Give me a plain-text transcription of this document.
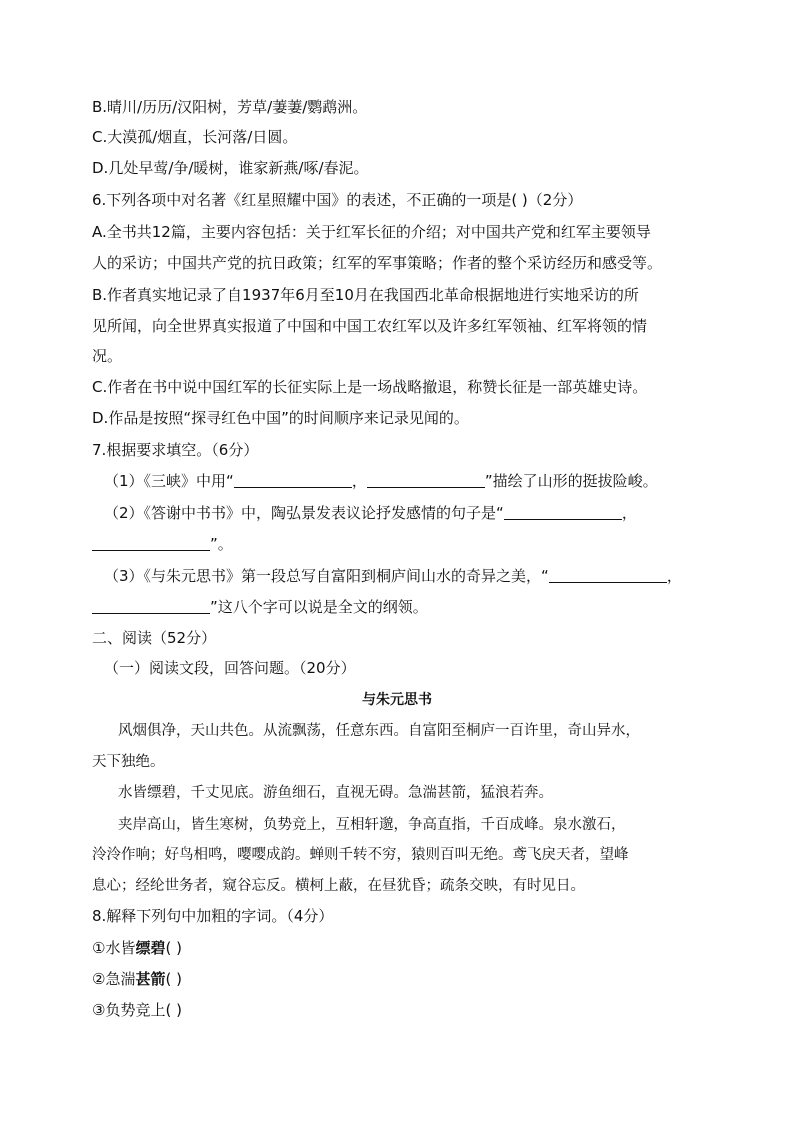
B.晴川/历历/汉阳树，芳草/萋萋/鹦鹉洲。
C.大漠孤/烟直，长河落/日圆。
D.几处早莺/争/暖树，谁家新燕/啄/春泥。
6.下列各项中对名著《红星照耀中国》的表述，不正确的一项是( )（2分）
A.全书共12篇，主要内容包括：关于红军长征的介绍；对中国共产党和红军主要领导
人的采访；中国共产党的抗日政策；红军的军事策略；作者的整个采访经历和感受等。
B.作者真实地记录了自1937年6月至10月在我国西北革命根据地进行实地采访的所
见所闻，向全世界真实报道了中国和中国工农红军以及许多红军领袖、红军将领的情
况。
C.作者在书中说中国红军的长征实际上是一场战略撤退，称赞长征是一部英雄史诗。
D.作品是按照“探寻红色中国”的时间顺序来记录见闻的。
7.根据要求填空。（6分）
（1）《三峡》中用“	，	”描绘了山形的挺拔险峻。
（2）《答谢中书书》中，陶弘景发表议论抒发感情的句子是“	，
”。
（3）《与朱元思书》第一段总写自富阳到桐庐间山水的奇异之美，“	，
”这八个字可以说是全文的纲领。
二、阅读（52分）
（一）阅读文段，回答问题。（20分）
与朱元思书
风烟俱净，天山共色。从流飘荡，任意东西。自富阳至桐庐一百许里，奇山异水，
天下独绝。
水皆缥碧，千丈见底。游鱼细石，直视无碍。急湍甚箭，猛浪若奔。
夹岸高山，皆生寒树，负势竞上，互相轩邈，争高直指，千百成峰。泉水激石，
泠泠作响；好鸟相鸣，嘤嘤成韵。蝉则千转不穷，猿则百叫无绝。鸢飞戾天者，望峰
息心；经纶世务者，窥谷忘反。横柯上蔽，在昼犹昏；疏条交映，有时见日。
8.解释下列句中加粗的字词。（4分）
①水皆缥碧( )
②急湍甚箭( )
③负势竞上( )
